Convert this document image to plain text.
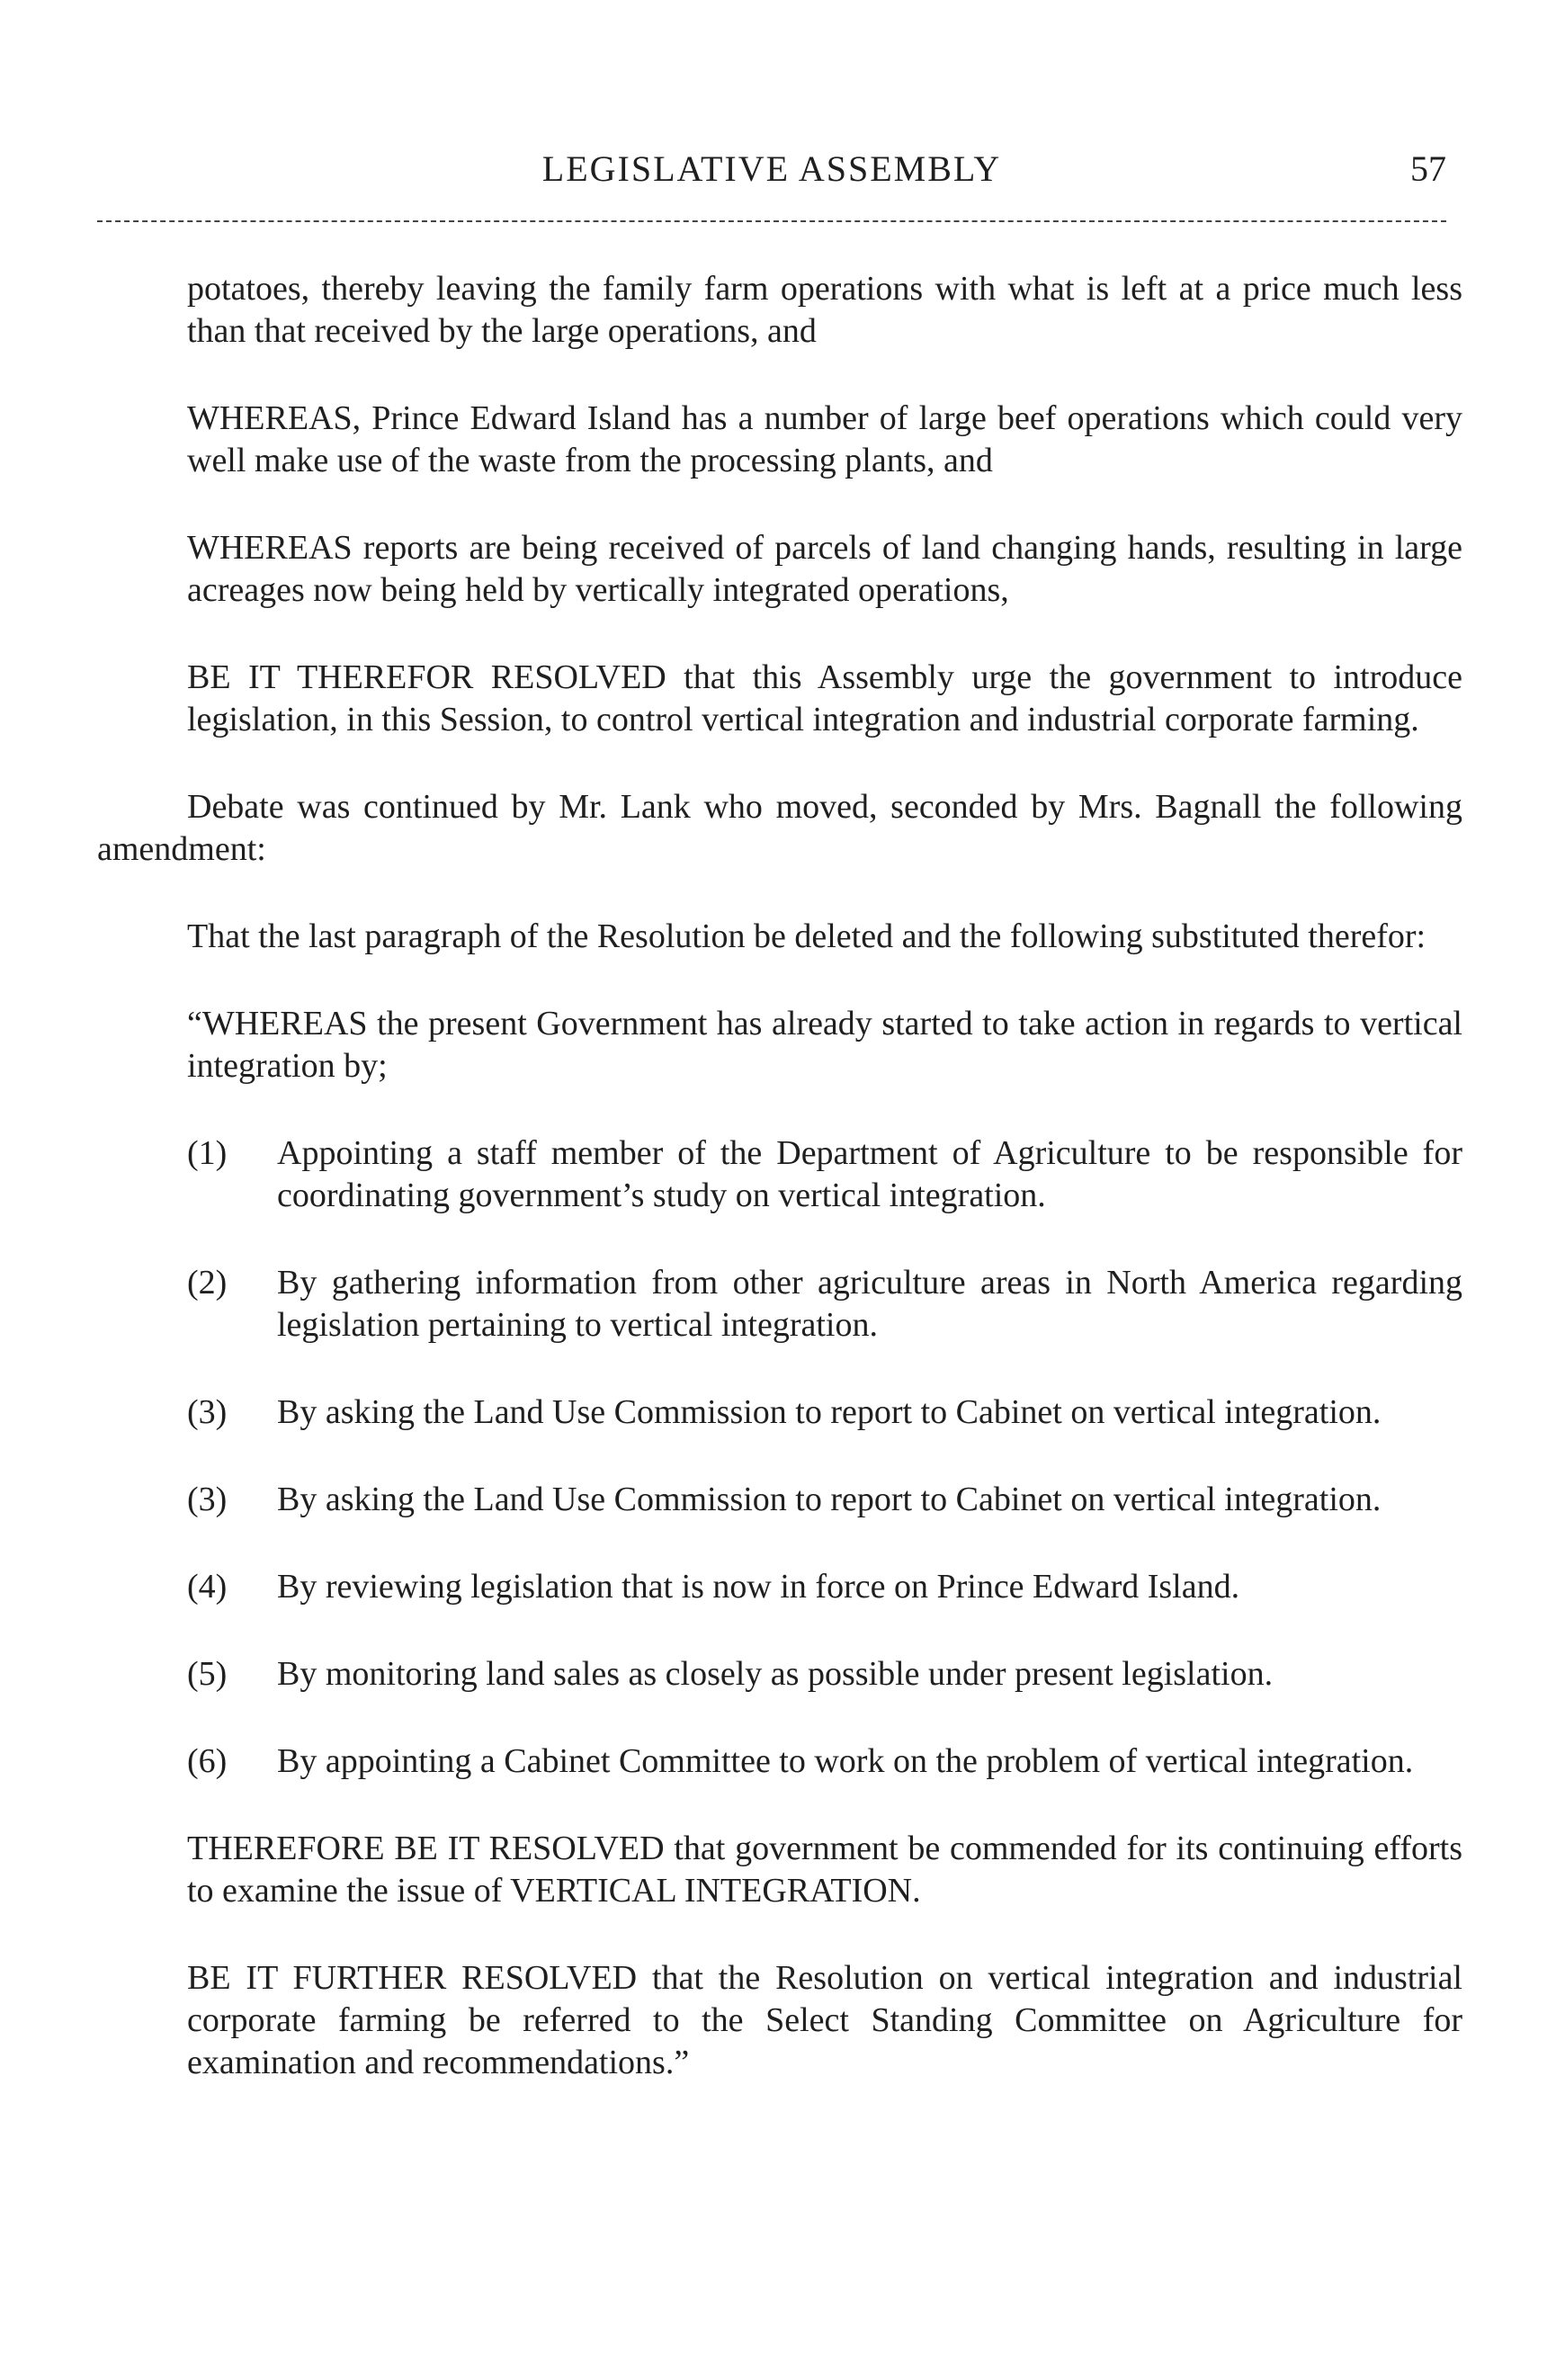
LEGISLATIVE ASSEMBLY	57

potatoes, thereby leaving the family farm operations with what is left at a price much less than that received by the large operations, and

WHEREAS, Prince Edward Island has a number of large beef operations which could very well make use of the waste from the processing plants, and

WHEREAS reports are being received of parcels of land changing hands, resulting in large acreages now being held by vertically integrated operations,

BE IT THEREFOR RESOLVED that this Assembly urge the government to introduce legislation, in this Session, to control vertical integration and industrial corporate farming.

Debate was continued by Mr. Lank who moved, seconded by Mrs. Bagnall the following amendment:

That the last paragraph of the Resolution be deleted and the following substituted therefor:

“WHEREAS the present Government has already started to take action in regards to vertical integration by;

(1)	Appointing a staff member of the Department of Agriculture to be responsible for coordinating government’s study on vertical integration.
(2)	By gathering information from other agriculture areas in North America regarding legislation pertaining to vertical integration.
(3)	By asking the Land Use Commission to report to Cabinet on vertical integration.
(3)	By asking the Land Use Commission to report to Cabinet on vertical integration.
(4)	By reviewing legislation that is now in force on Prince Edward Island.
(5)	By monitoring land sales as closely as possible under present legislation.
(6)	By appointing a Cabinet Committee to work on the problem of vertical integration.

THEREFORE BE IT RESOLVED that government be commended for its continuing efforts to examine the issue of VERTICAL INTEGRATION.

BE IT FURTHER RESOLVED that the Resolution on vertical integration and industrial corporate farming be referred to the Select Standing Committee on Agriculture for examination and recommendations.”
